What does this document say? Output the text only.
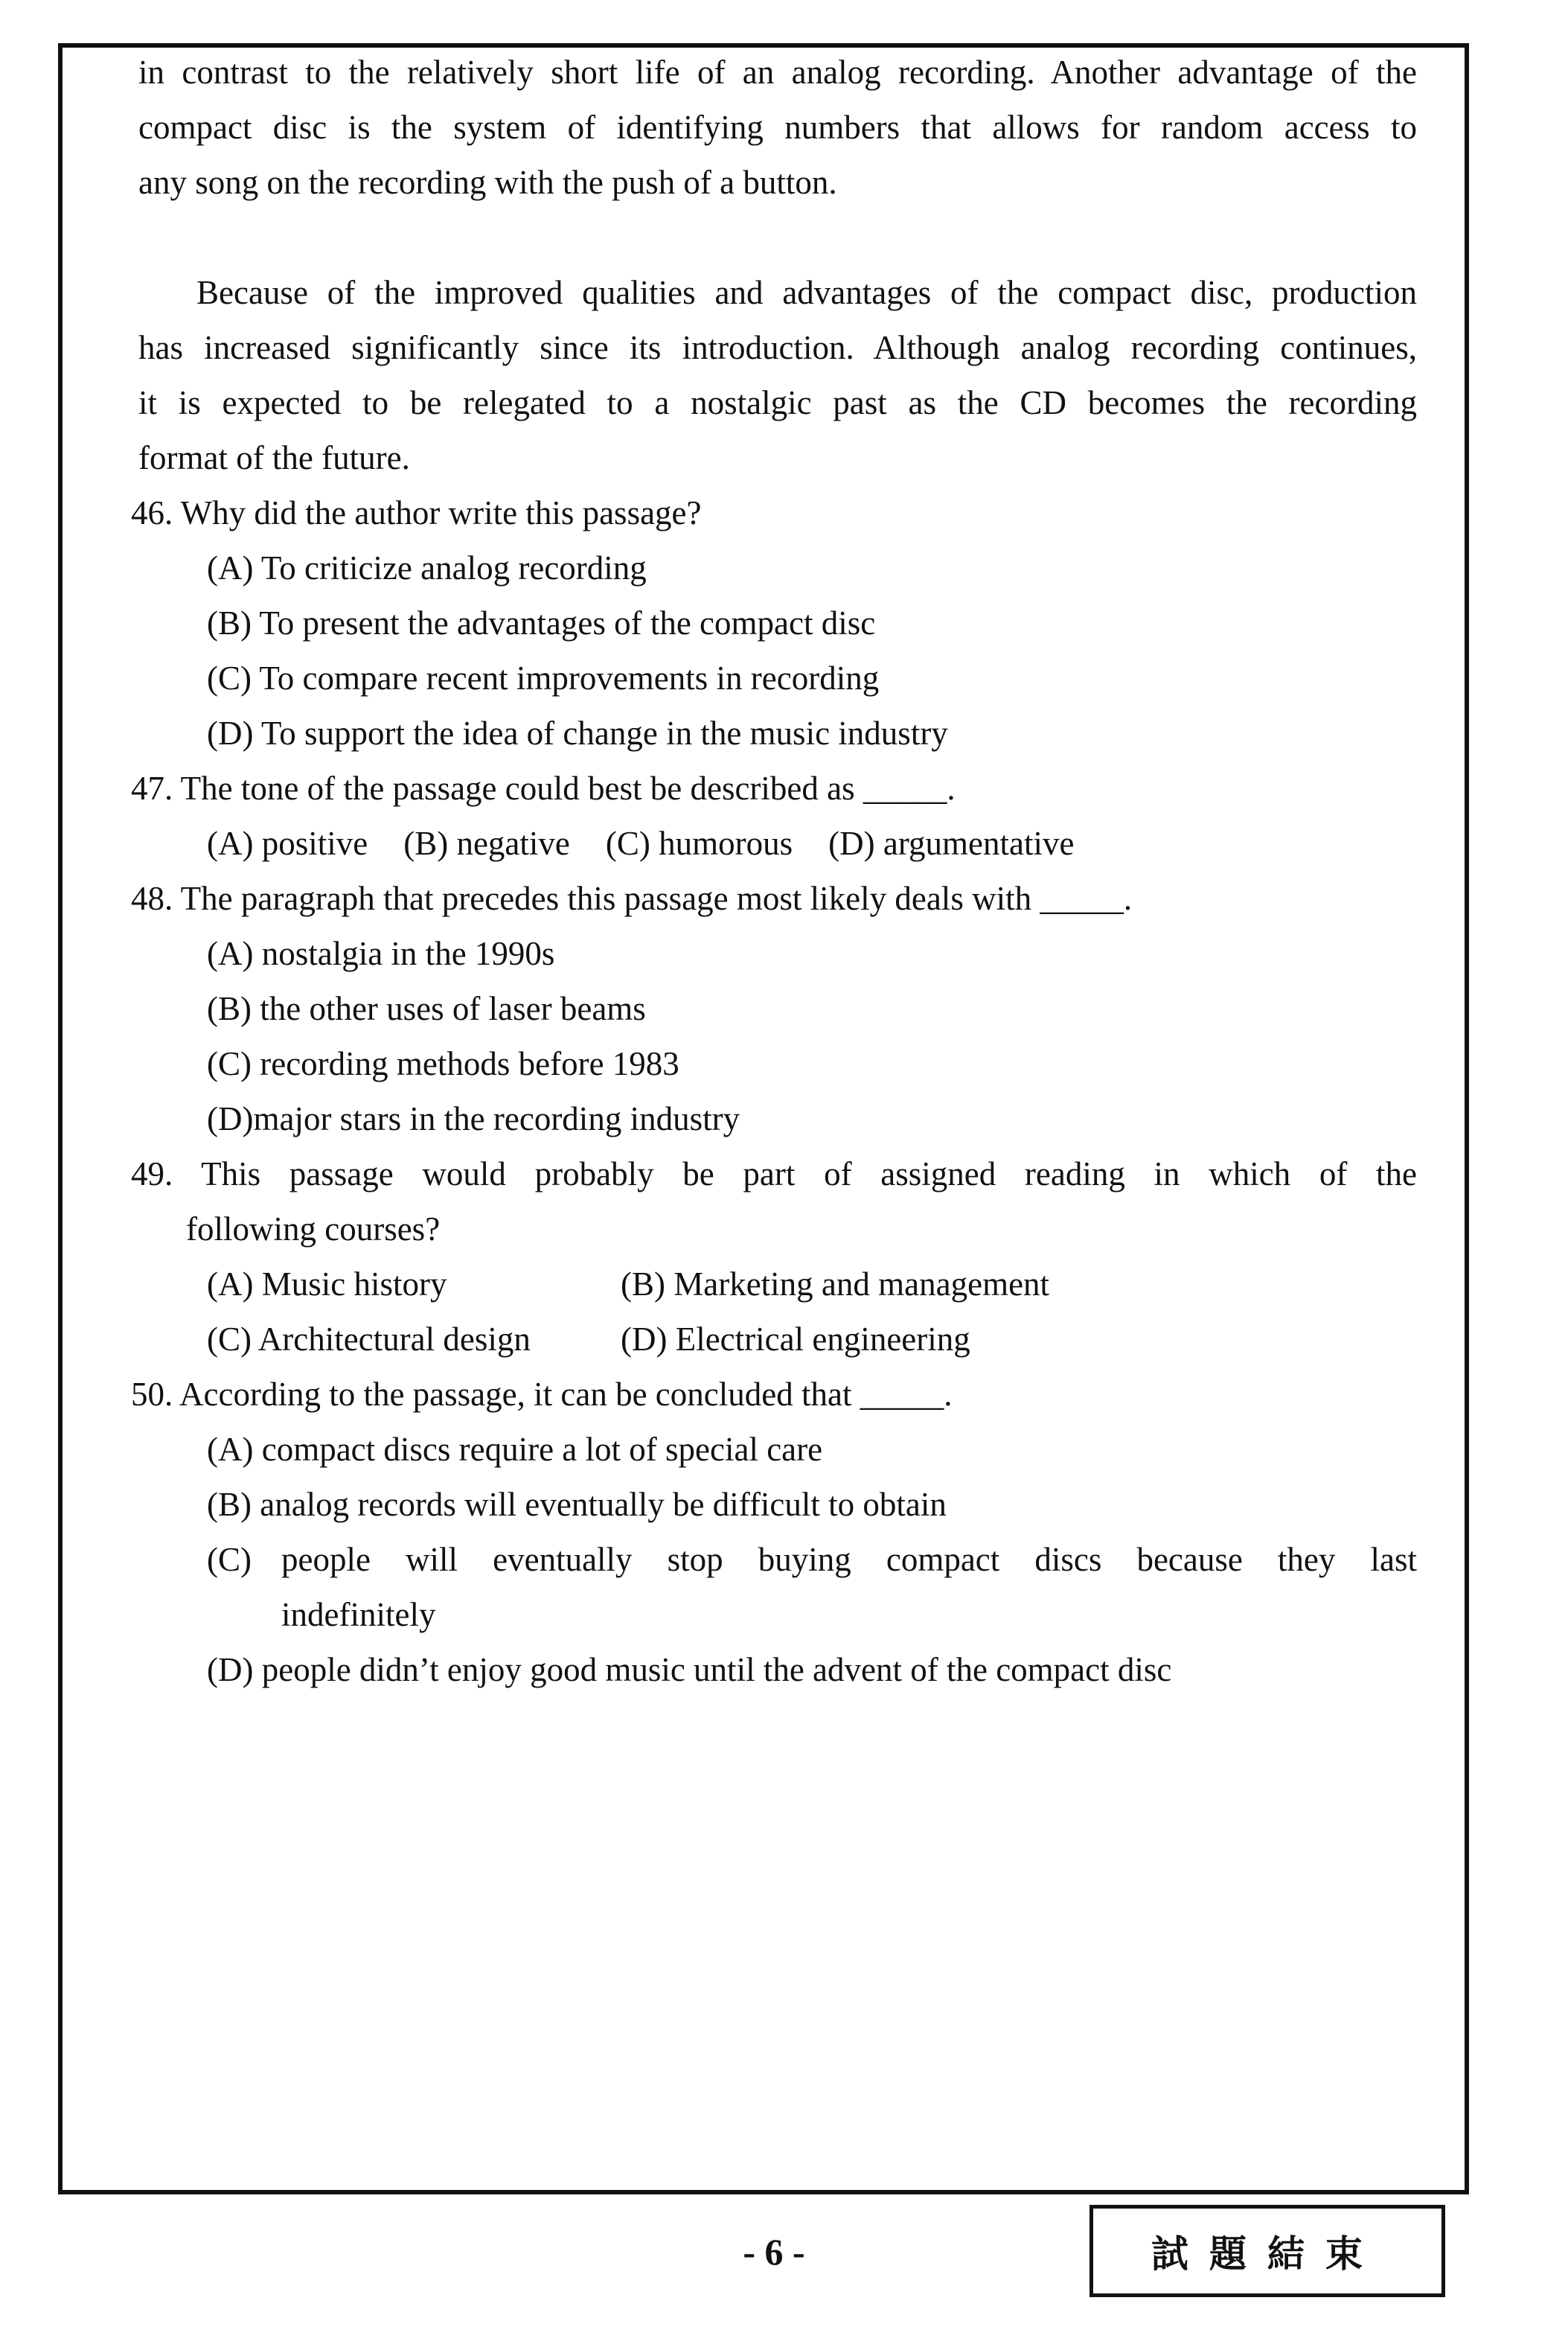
in contrast to the relatively short life of an analog recording. Another advantage of the
compact disc is the system of identifying numbers that allows for random access to
any song on the recording with the push of a button.
Because of the improved qualities and advantages of the compact disc, production
has increased significantly since its introduction. Although analog recording continues,
it is expected to be relegated to a nostalgic past as the CD becomes the recording
format of the future.

46. Why did the author write this passage?

(A) To criticize analog recording

(B) To present the advantages of the compact disc

(C) To compare recent improvements in recording

(D) To support the idea of change in the music industry

47. The tone of the passage could best be described as _____.

(A) positive (B) negative (C) humorous (D) argumentative

48. The paragraph that precedes this passage most likely deals with _____.

(A) nostalgia in the 1990s

(B) the other uses of laser beams

(C) recording methods before 1983

(D)major stars in the recording industry

49. This passage would probably be part of assigned reading in which of the

following courses?

(A) Music history	(B) Marketing and management

(C) Architectural design	(D) Electrical engineering

50. According to the passage, it can be concluded that _____.

(A) compact discs require a lot of special care

(B) analog records will eventually be difficult to obtain

(C) people will eventually stop buying compact discs because they last
indefinitely

(D) people didn’t enjoy good music until the advent of the compact disc

- 6 -	試題結束
